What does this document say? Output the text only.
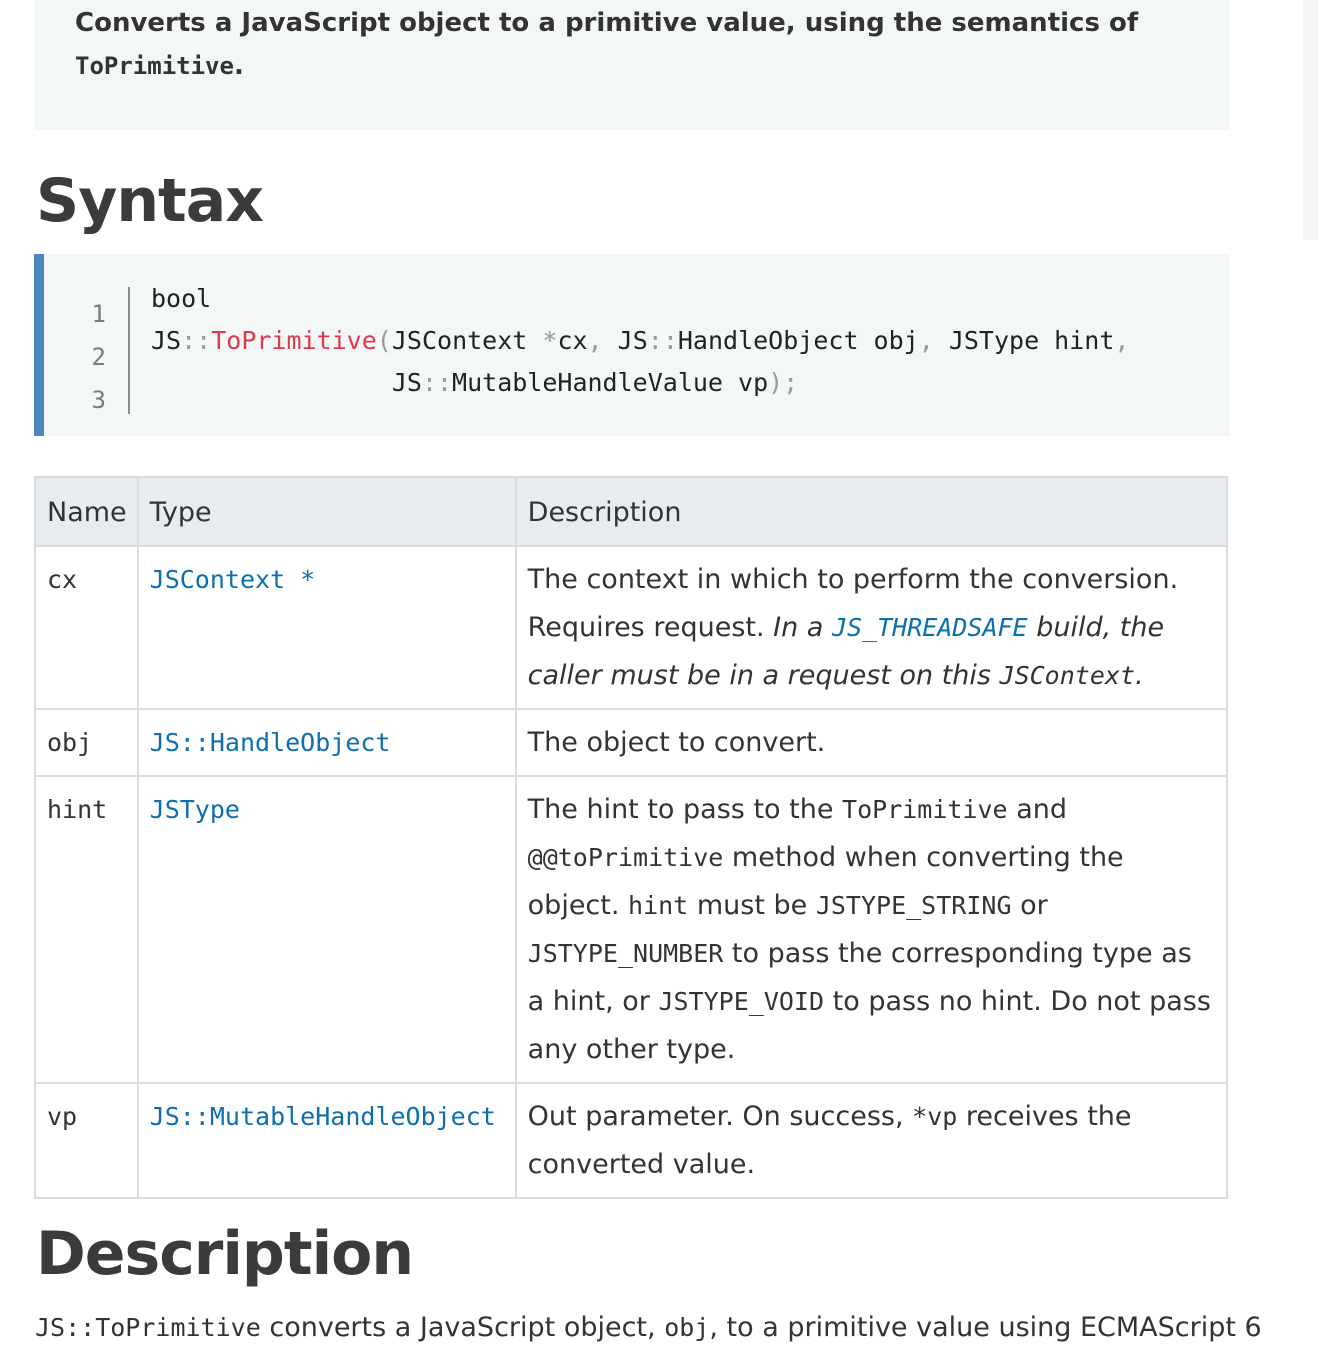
Converts a JavaScript object to a primitive value, using the semantics of
ToPrimitive.
Syntax
1
2
3
bool
JS::ToPrimitive(JSContext *cx, JS::HandleObject obj, JSType hint,
JS::MutableHandleValue vp);
Name	Type	Description
cx	JSContext *	The context in which to perform the conversion. Requires request. In a JS_THREADSAFE build, the caller must be in a request on this JSContext.
obj	JS::HandleObject	The object to convert.
hint	JSType	The hint to pass to the ToPrimitive and @@toPrimitive method when converting the object. hint must be JSTYPE_STRING or JSTYPE_NUMBER to pass the corresponding type as a hint, or JSTYPE_VOID to pass no hint. Do not pass any other type.
vp	JS::MutableHandleObject	Out parameter. On success, *vp receives the converted value.
Description
JS::ToPrimitive converts a JavaScript object, obj, to a primitive value using ECMAScript 6
